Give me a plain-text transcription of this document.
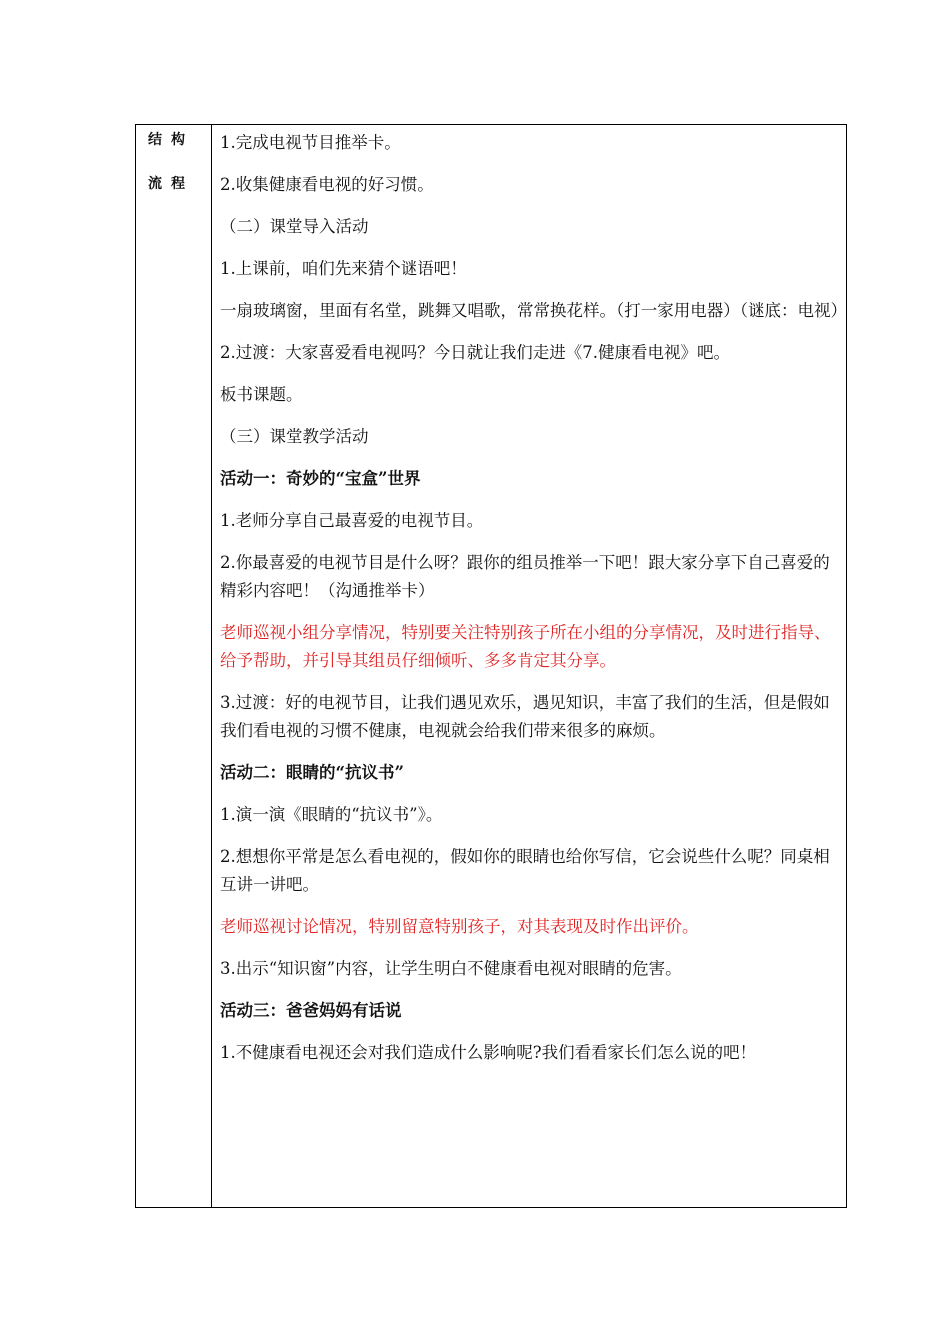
结构
流程

1.完成电视节目推举卡。

2.收集健康看电视的好习惯。

（二）课堂导入活动

1.上课前，咱们先来猜个谜语吧！

一扇玻璃窗，里面有名堂，跳舞又唱歌，常常换花样。（打一家用电器）（谜底：电视）

2.过渡：大家喜爱看电视吗？今日就让我们走进《7.健康看电视》吧。

板书课题。

（三）课堂教学活动

活动一：奇妙的“宝盒”世界

1.老师分享自己最喜爱的电视节目。

2.你最喜爱的电视节目是什么呀？跟你的组员推举一下吧！跟大家分享下自己喜爱的精彩内容吧！（沟通推举卡）

老师巡视小组分享情况，特别要关注特别孩子所在小组的分享情况，及时进行指导、给予帮助，并引导其组员仔细倾听、多多肯定其分享。

3.过渡：好的电视节目，让我们遇见欢乐，遇见知识，丰富了我们的生活，但是假如我们看电视的习惯不健康，电视就会给我们带来很多的麻烦。

活动二：眼睛的“抗议书”

1.演一演《眼睛的“抗议书”》。

2.想想你平常是怎么看电视的，假如你的眼睛也给你写信，它会说些什么呢？同桌相互讲一讲吧。

老师巡视讨论情况，特别留意特别孩子，对其表现及时作出评价。

3.出示“知识窗”内容，让学生明白不健康看电视对眼睛的危害。

活动三：爸爸妈妈有话说

1.不健康看电视还会对我们造成什么影响呢?我们看看家长们怎么说的吧！
